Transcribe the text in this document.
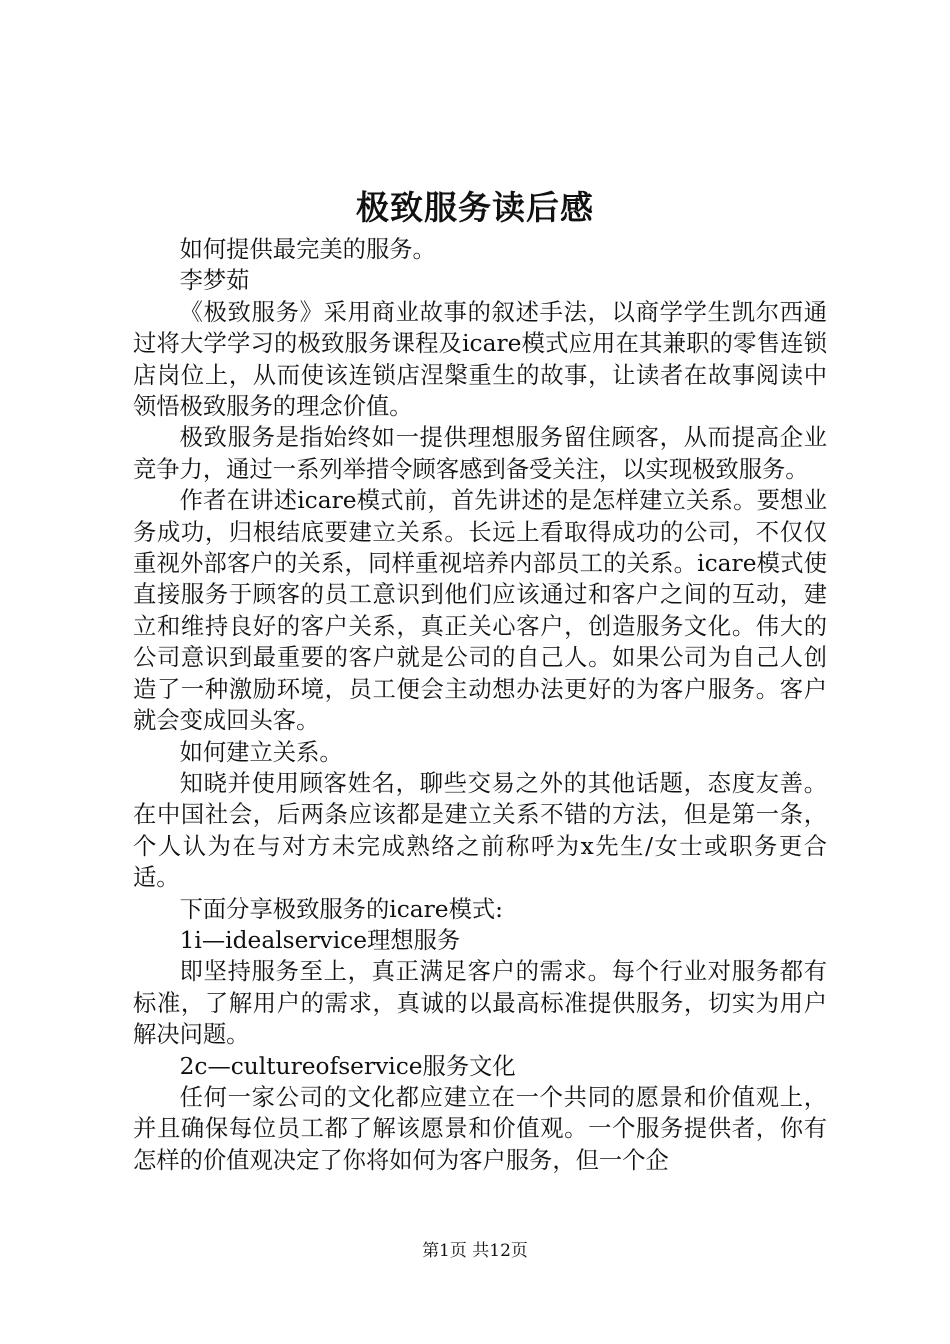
极致服务读后感

如何提供最完美的服务。

李梦茹

《极致服务》采用商业故事的叙述手法，以商学学生凯尔西通过将大学学习的极致服务课程及icare模式应用在其兼职的零售连锁店岗位上，从而使该连锁店涅槃重生的故事，让读者在故事阅读中领悟极致服务的理念价值。

极致服务是指始终如一提供理想服务留住顾客，从而提高企业竞争力，通过一系列举措令顾客感到备受关注，以实现极致服务。

作者在讲述icare模式前，首先讲述的是怎样建立关系。要想业务成功，归根结底要建立关系。长远上看取得成功的公司，不仅仅重视外部客户的关系，同样重视培养内部员工的关系。icare模式使直接服务于顾客的员工意识到他们应该通过和客户之间的互动，建立和维持良好的客户关系，真正关心客户，创造服务文化。伟大的公司意识到最重要的客户就是公司的自己人。如果公司为自己人创造了一种激励环境，员工便会主动想办法更好的为客户服务。客户就会变成回头客。

如何建立关系。

知晓并使用顾客姓名，聊些交易之外的其他话题，态度友善。在中国社会，后两条应该都是建立关系不错的方法，但是第一条，个人认为在与对方未完成熟络之前称呼为x先生/女士或职务更合适。

下面分享极致服务的icare模式:

1i—idealservice理想服务

即坚持服务至上，真正满足客户的需求。每个行业对服务都有标准，了解用户的需求，真诚的以最高标准提供服务，切实为用户解决问题。

2c—cultureofservice服务文化

任何一家公司的文化都应建立在一个共同的愿景和价值观上，并且确保每位员工都了解该愿景和价值观。一个服务提供者，你有怎样的价值观决定了你将如何为客户服务，但一个企

第1页 共12页
